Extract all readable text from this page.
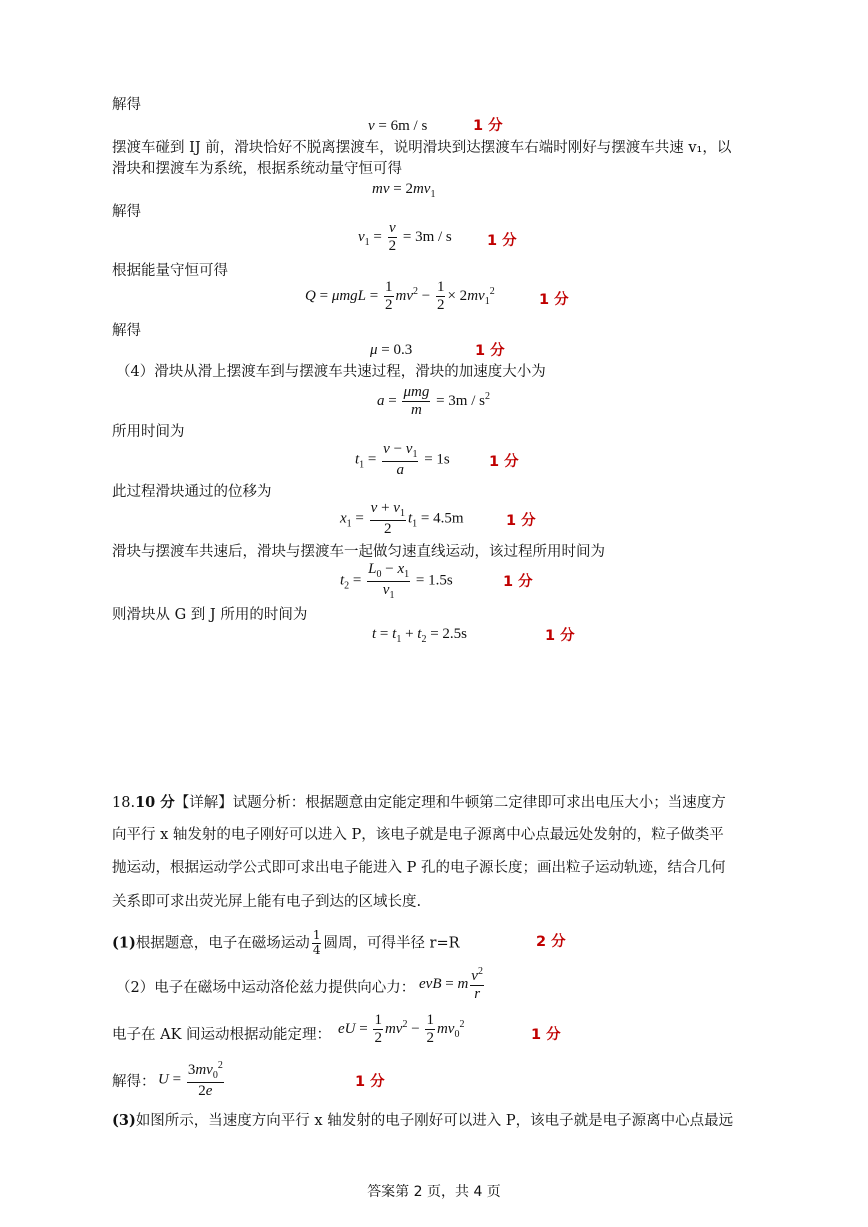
解得
v = 6m / s	1 分
摆渡车碰到 IJ 前，滑块恰好不脱离摆渡车，说明滑块到达摆渡车右端时刚好与摆渡车共速 v₁，以
滑块和摆渡车为系统，根据系统动量守恒可得
mv = $2mv_1$
解得
$v_1 = \frac{v}{2} = 3m / s$ 1 分
根据能量守恒可得
$Q = \mu mgL = \frac{1}{2} mv^2 - \frac{1}{2} \times 2mv_1^2$
1 分
解得
μ = 0.3	1 分
（4）滑块从滑上摆渡车到与摆渡车共速过程，滑块的加速度大小为
$a = \frac{\text{μmg}}{m} = 3m / s^2$
所用时间为
$t_1 = \frac{v - v_1}{a} = 1s$	1 分
此过程滑块通过的位移为
$x_1 = \frac{v + v_1}{2} t_1 = 4.5m$	1 分
滑块与摆渡车共速后，滑块与摆渡车一起做匀速直线运动，该过程所用时间为
$t_2 = \frac{L_0 - x_1}{v_1} = 1.5s$	1 分
则滑块从 G 到 J 所用的时间为
$t = t_1 + t_2 = 2.5s$	1 分
18.10 分【详解】试题分析：根据题意由定能定理和牛顿第二定律即可求出电压大小；当速度方
向平行 x 轴发射的电子刚好可以进入 P，该电子就是电子源离中心点最远处发射的，粒子做类平
抛运动，根据运动学公式即可求出电子能进入 P 孔的电子源长度；画出粒子运动轨迹，结合几何
关系即可求出荧光屏上能有电子到达的区域长度.
(1)根据题意，电子在磁场运动 $\frac{1}{4}$ 圆周，可得半径 r=R	2 分
（2）电子在磁场中运动洛伦兹力提供向心力： evB = m $\frac{v^2}{r}$
电子在 AK 间运动根据动能定理： eU = $\frac{1}{2} mv^2 - \frac{1}{2} mv_0^2$
1 分
解得： $U = \frac{3mv_0^2}{2e}$	1 分
(3)如图所示，当速度方向平行 x 轴发射的电子刚好可以进入 P，该电子就是电子源离中心点最远
答案第 2 页，共 4 页
